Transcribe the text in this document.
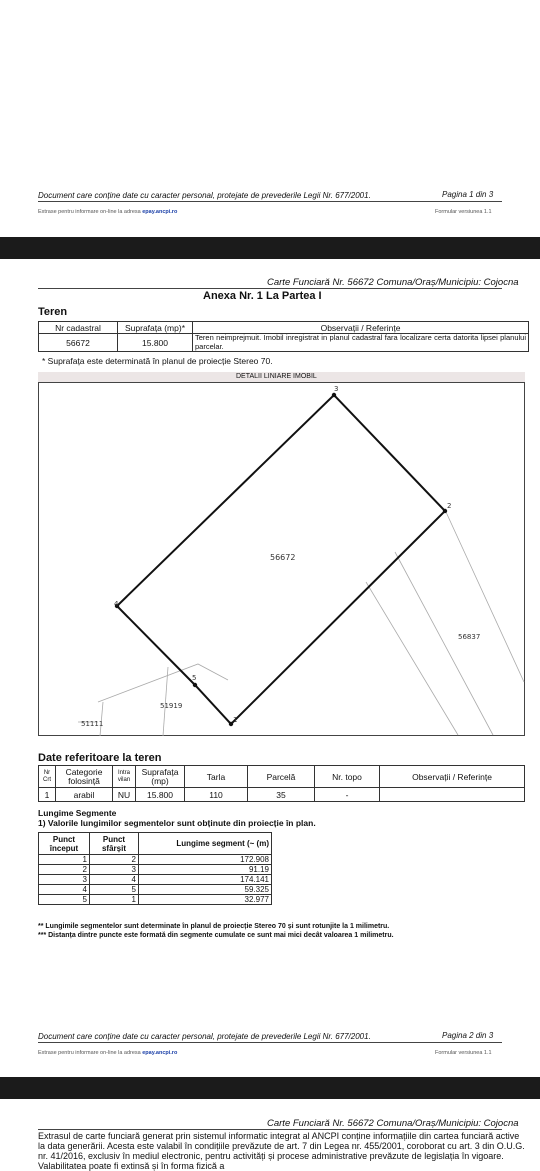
Document care conține date cu caracter personal, protejate de prevederile Legii Nr. 677/2001.	Pagina 1 din 3
Extrase pentru informare on-line la adresa epay.ancpi.ro	Formular versiunea 1.1
Carte Funciară Nr. 56672 Comuna/Oraș/Municipiu: Cojocna
Anexa Nr. 1 La Partea I
Teren
Nr cadastral	Suprafața (mp)*	Observații / Referințe
56672	15.800	Teren neimprejmuit. Imobil inregistrat in planul cadastral fara localizare certa datorita lipsei planului parcelar.
* Suprafața este determinată în planul de proiecție Stereo 70.
DETALII LINIARE IMOBIL
1
2
3
4
5
56672
56837
51919
51111
Date referitoare la teren
Nr Crt	Categorie folosință	Intra vilan	Suprafața (mp)	Tarla	Parcelă	Nr. topo	Observații / Referințe
1	arabil	NU	15.800	110	35	-	
Lungime Segmente
1) Valorile lungimilor segmentelor sunt obținute din proiecție în plan.
Punct început	Punct sfârșit	Lungime segment (~ (m)
1	2	172.908
2	3	91.19
3	4	174.141
4	5	59.325
5	1	32.977
** Lungimile segmentelor sunt determinate în planul de proiecție Stereo 70 și sunt rotunjite la 1 milimetru.
*** Distanța dintre puncte este formată din segmente cumulate ce sunt mai mici decât valoarea 1 milimetru.
Document care conține date cu caracter personal, protejate de prevederile Legii Nr. 677/2001.	Pagina 2 din 3
Extrase pentru informare on-line la adresa epay.ancpi.ro	Formular versiunea 1.1
Carte Funciară Nr. 56672 Comuna/Oraș/Municipiu: Cojocna
Extrasul de carte funciară generat prin sistemul informatic integrat al ANCPI conține informațiile din cartea funciară active la data generării. Acesta este valabil în condițiile prevăzute de art. 7 din Legea nr. 455/2001, coroborat cu art. 3 din O.U.G. nr. 41/2016, exclusiv în mediul electronic, pentru activități și procese administrative prevăzute de legislația în vigoare. Valabilitatea poate fi extinsă și în forma fizică a
